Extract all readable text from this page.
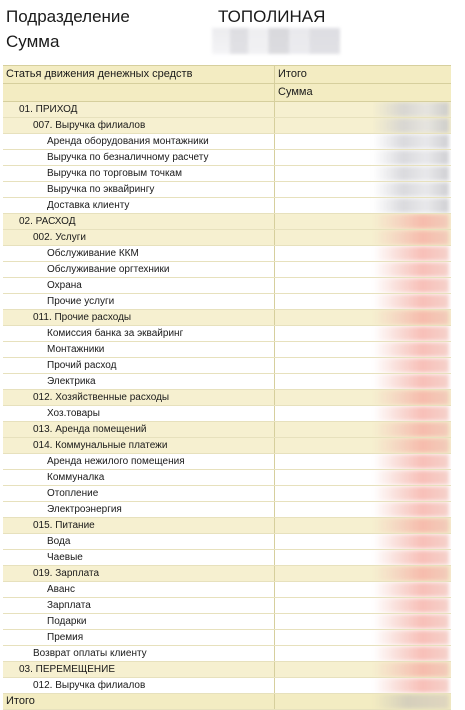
Подразделение	ТОПОЛИНАЯ
Сумма
Статья движения денежных средств	Итого
Сумма
01. ПРИХОД
007. Выручка филиалов
Аренда оборудования монтажники
Выручка по безналичному расчету
Выручка по торговым точкам
Выручка по эквайрингу
Доставка клиенту
02. РАСХОД
002. Услуги
Обслуживание ККМ
Обслуживание оргтехники
Охрана
Прочие услуги
011. Прочие расходы
Комиссия банка за эквайринг
Монтажники
Прочий расход
Электрика
012. Хозяйственные расходы
Хоз.товары
013. Аренда помещений
014. Коммунальные платежи
Аренда нежилого помещения
Коммуналка
Отопление
Электроэнергия
015. Питание
Вода
Чаевые
019. Зарплата
Аванс
Зарплата
Подарки
Премия
Возврат оплаты клиенту
03. ПЕРЕМЕЩЕНИЕ
012. Выручка филиалов
Итого
